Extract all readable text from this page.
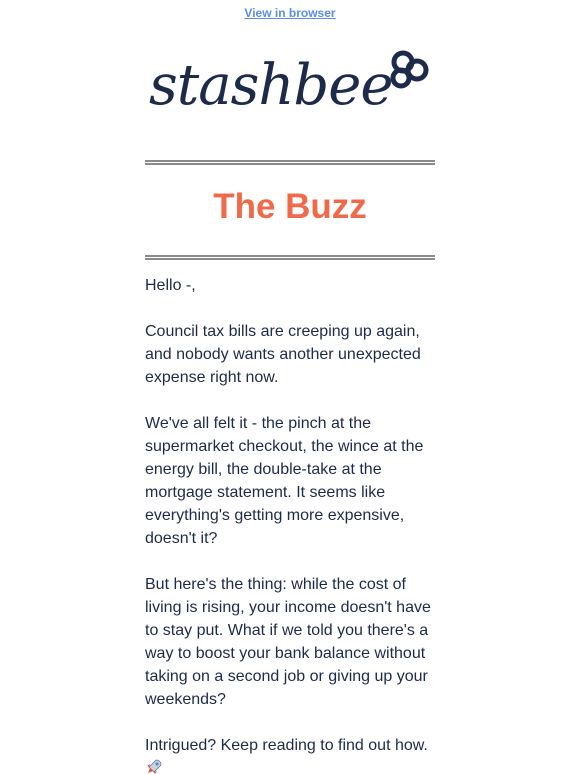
View in browser
stashbee
The Buzz

Hello -,

Council tax bills are creeping up again, and nobody wants another unexpected expense right now.

We've all felt it - the pinch at the supermarket checkout, the wince at the energy bill, the double-take at the mortgage statement. It seems like everything's getting more expensive, doesn't it?

But here's the thing: while the cost of living is rising, your income doesn't have to stay put. What if we told you there's a way to boost your bank balance without taking on a second job or giving up your weekends?

Intrigued? Keep reading to find out how.
